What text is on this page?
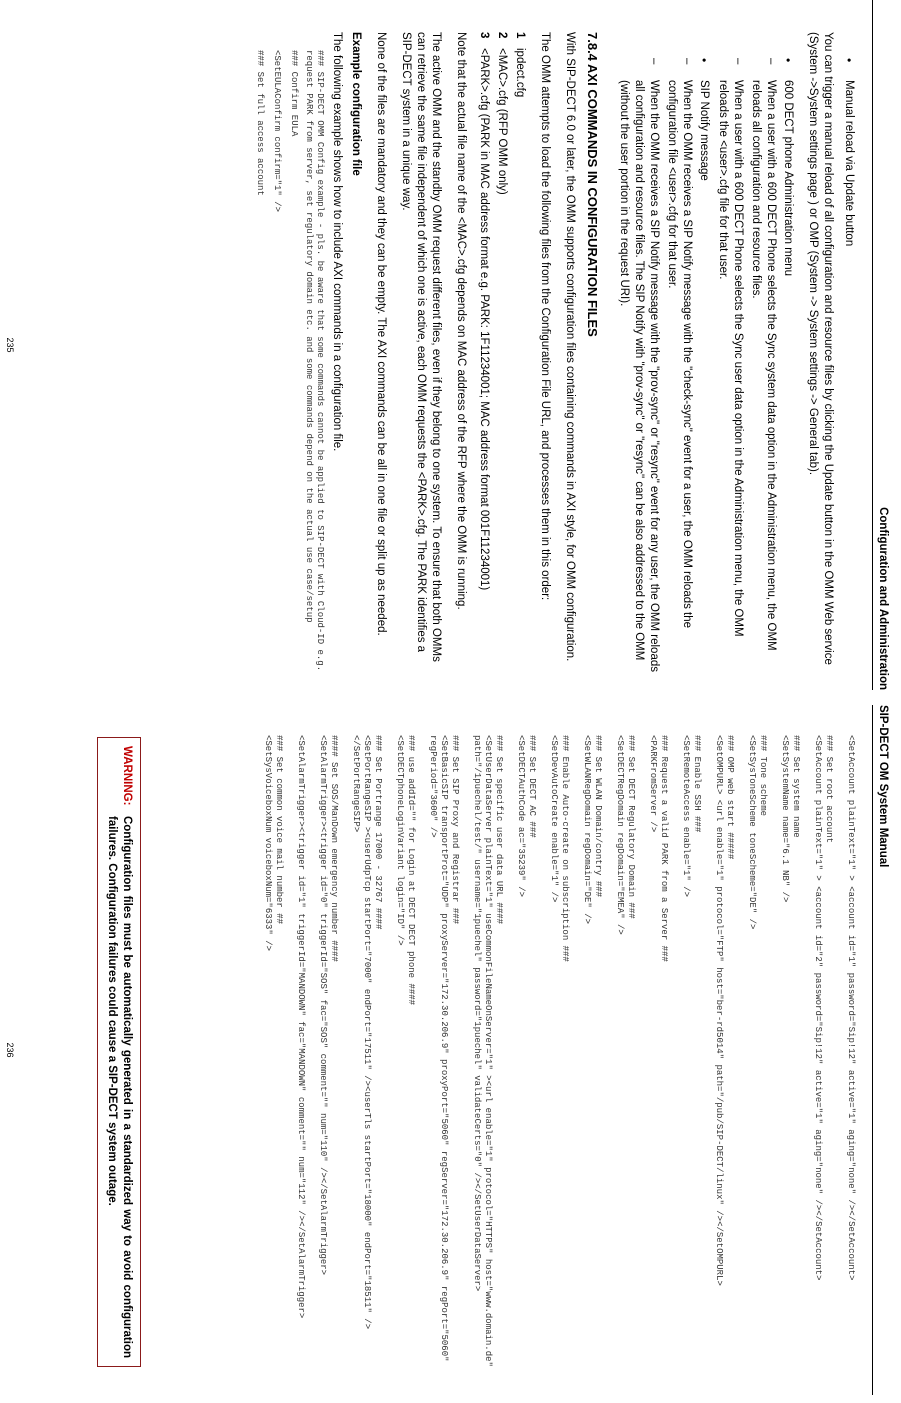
Configuration and Administration
• Manual reload via Update button

You can trigger a manual reload of all configuration and resource files by clicking the Update button in the OMM Web service (System ->System settings page ) or OMP (System -> System settings -> General tab).

• 600 DECT phone Administration menu
– When a user with a 600 DECT Phone selects the Sync system data option in the Administration menu, the OMM reloads all configuration and resource files.
– When a user with a 600 DECT Phone selects the Sync user data option in the Administration menu, the OMM reloads the <user>.cfg file for that user.
• SIP Notify message
– When the OMM receives a SIP Notify message with the "check-sync" event for a user, the OMM reloads the configuration file <user>.cfg for that user.
– When the OMM receives a SIP Notify message with the "prov-sync" or "resync" event for any user, the OMM reloads all configuration and resource files. The SIP Notify with "prov-sync" or "resync" can be also addressed to the OMM (without the user portion in the request URI).
7.8.4 AXI COMMANDS IN CONFIGURATION FILES

With SIP-DECT 6.0 or later, the OMM supports configuration files containing commands in AXI style, for OMM configuration.

The OMM attempts to load the following files from the Configuration File URL, and processes them in this order:

1
ipdect.cfg
2
<MAC>.cfg (RFP OMM only)
3
<PARK>.cfg (PARK in MAC address format e.g. PARK: 1F11234001; MAC address format 001F11234001)

Note that the actual file name of the <MAC>.cfg depends on MAC address of the RFP where the OMM is running.

The active OMM and the standby OMM request different files, even if they belong to one system. To ensure that both OMMs can retrieve the same file independent of which one is active, each OMM requests the <PARK>.cfg. The PARK identifies a SIP-DECT system in a unique way.

None of the files are mandatory and they can be empty. The AXI commands can be all in one file or split up as needed.

Example configuration file

The following example shows how to include AXI commands in a configuration file.

### SIP-DECT OMM Config example - pls. be aware that some commands cannot be applied to SIP-DECT with Cloud-ID e.g. request PARK from server, set regulatory domain etc. and some commands depend on the actual use case/setup
### Confirm EULA
<SetEULAConfirm confirm="1" />
### Set full access account
235
SIP-DECT OM System Manual
<SetAccount plainText="1" > <account id="1" password="Sip!12" active="1" aging="none" /></SetAccount>
### Set root account
<SetAccount plainText="1" > <account id="2" password="Sip!12" active="1" aging="none" /></SetAccount>
### Set system name
<SetSystemName name="6.1 NB" />
### Tone scheme
<SetSysToneScheme toneScheme="DE" />
### OMP web start #####
<SetOMPURL> <url enable="1" protocol="FTP" host="ber-rd5014" path="/pub/SIP-DECT/linux" /></SetOMPURL>
### Enable SSH ###
<SetRemoteAccess enable="1" />
### Request a valid PARK from a Server ###
<PARKFromServer />
### Set DECT Regulatory Domain ###
<SetDECTRegDomain regDomain="EMEA" />
### Set WLAN Domain/contry ###
<SetWLANRegDomain regDomain="DE" />
### Enable Auto-create on subscription ###
<SetDevAutoCreate enable="1" />
### Set DECT AC ###
<SetDECTAuthCode ac="35239" />
### Set specific user data URL ####
<SetUserDataServer plainText="1" useCommonFileNameOnServer="1" ><url enable="1" protocol="HTTPS" host="www.domain.de" path="/1puechel/test/" username="1puechel" password="1puechel" validateCerts="0" /></SetUserDataServer>
### Set SIP Proxy and Registrar ###
<SetBasicSIP transportProt="UDP" proxyServer="172.30.206.9" proxyPort="5060" regServer="172.30.206.9" regPort="5060" regPeriod="3600" />
### use addId="" for Login at DECT DECT phone ####
<SetDECTphoneLoginVariant login="ID" />
### Set Portrange 17000 - 32767 ####
<SetPortRangeSIP ><userUdpTcp startPort="7000" endPort="17511" /><userTls startPort="18000" endPort="18511" /></SetPortRangeSIP>
#### Set SOS/ManDown emergency number ####
<SetAlarmTrigger><trigger id="0" triggerId="SOS" fac="SOS" comment="" num="110" /></SetAlarmTrigger>
<SetAlarmTrigger><trigger id="1" triggerId="MANDOWN" fac="MANDOWN" comment="" num="112" /></SetAlarmTrigger>
### Set common voice mail number ##
<SetSysVoiceboxNum voiceboxNum="6333" />
WARNING:
Configuration files must be automatically generated in a standardized way to avoid configuration failures. Configuration failures could cause a SIP-DECT system outage.
236
